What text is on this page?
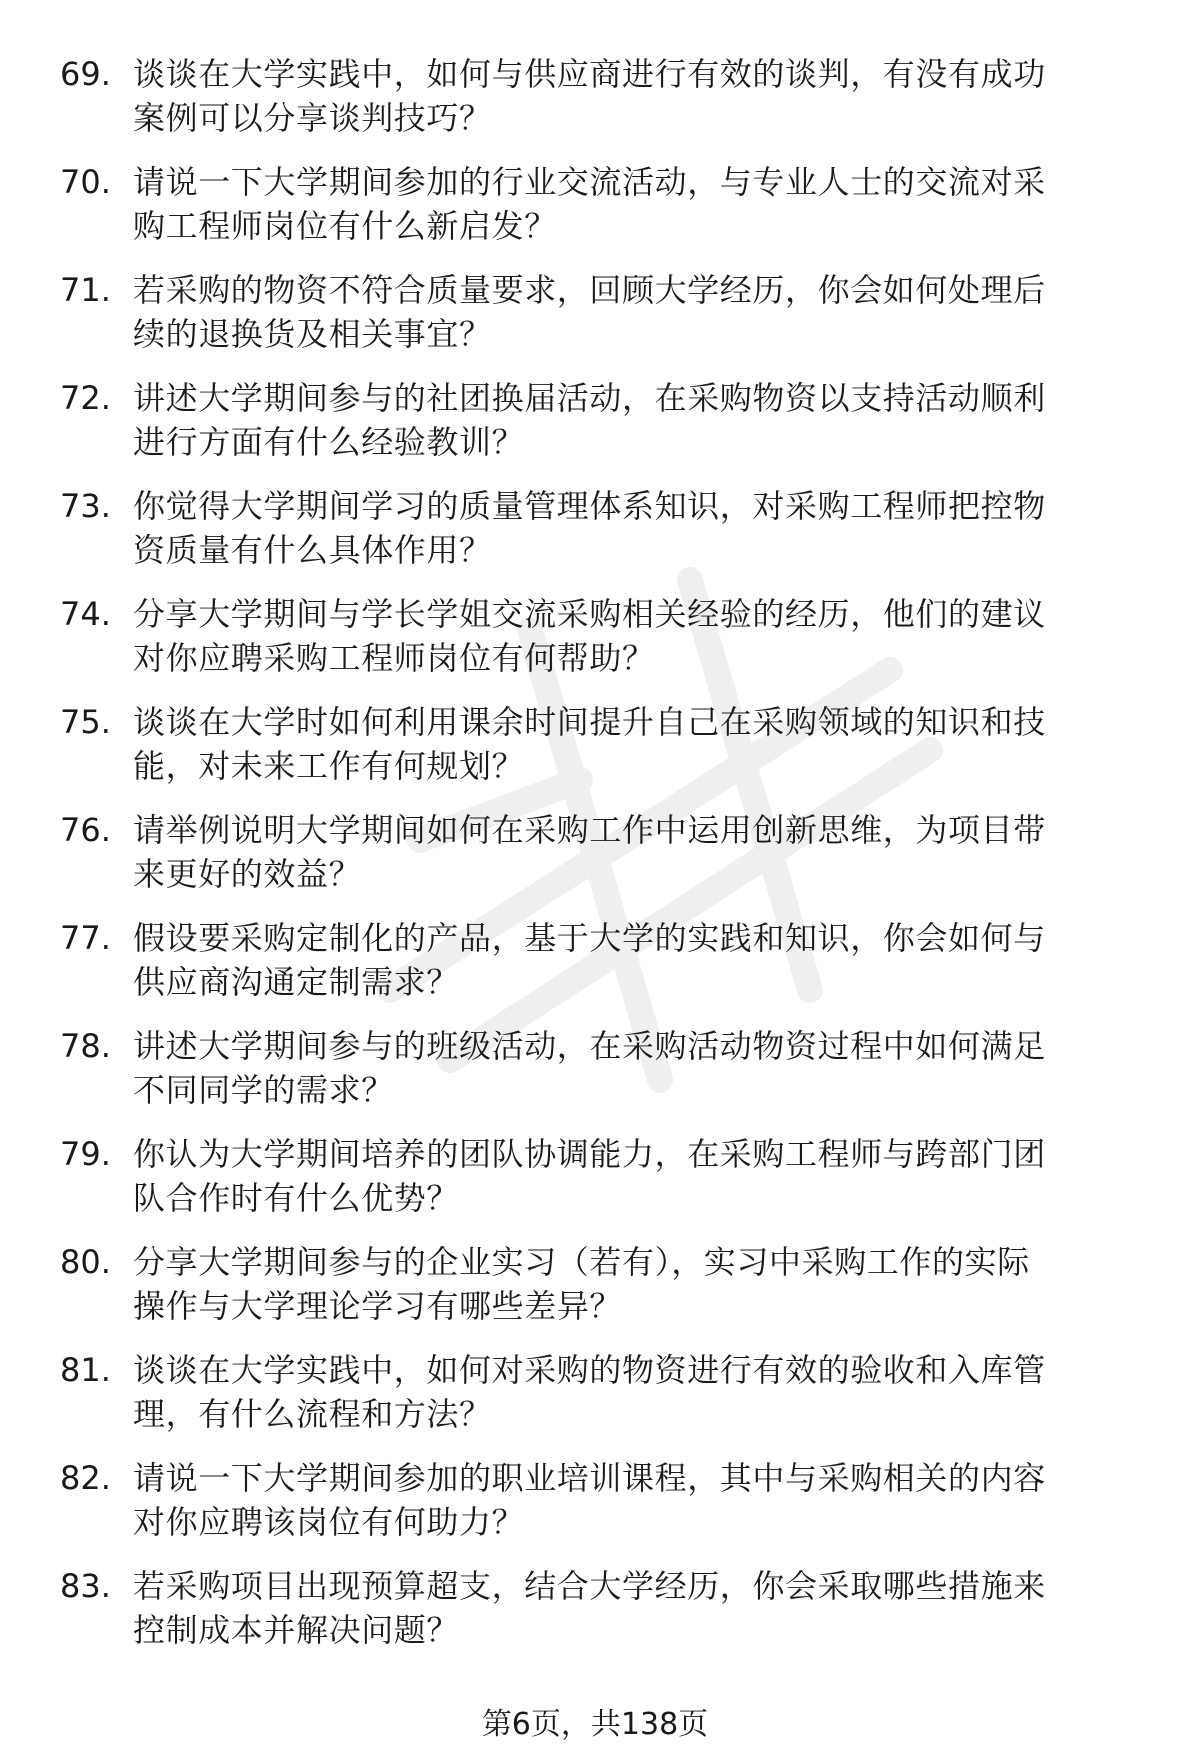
69. 谈谈在大学实践中，如何与供应商进行有效的谈判，有没有成功
案例可以分享谈判技巧？
70. 请说一下大学期间参加的行业交流活动，与专业人士的交流对采
购工程师岗位有什么新启发？
71. 若采购的物资不符合质量要求，回顾大学经历，你会如何处理后
续的退换货及相关事宜？
72. 讲述大学期间参与的社团换届活动，在采购物资以支持活动顺利
进行方面有什么经验教训？
73. 你觉得大学期间学习的质量管理体系知识，对采购工程师把控物
资质量有什么具体作用？
74. 分享大学期间与学长学姐交流采购相关经验的经历，他们的建议
对你应聘采购工程师岗位有何帮助？
75. 谈谈在大学时如何利用课余时间提升自己在采购领域的知识和技
能，对未来工作有何规划？
76. 请举例说明大学期间如何在采购工作中运用创新思维，为项目带
来更好的效益？
77. 假设要采购定制化的产品，基于大学的实践和知识，你会如何与
供应商沟通定制需求？
78. 讲述大学期间参与的班级活动，在采购活动物资过程中如何满足
不同同学的需求？
79. 你认为大学期间培养的团队协调能力，在采购工程师与跨部门团
队合作时有什么优势？
80. 分享大学期间参与的企业实习（若有），实习中采购工作的实际
操作与大学理论学习有哪些差异？
81. 谈谈在大学实践中，如何对采购的物资进行有效的验收和入库管
理，有什么流程和方法？
82. 请说一下大学期间参加的职业培训课程，其中与采购相关的内容
对你应聘该岗位有何助力？
83. 若采购项目出现预算超支，结合大学经历，你会采取哪些措施来
控制成本并解决问题？
第6页，共138页
